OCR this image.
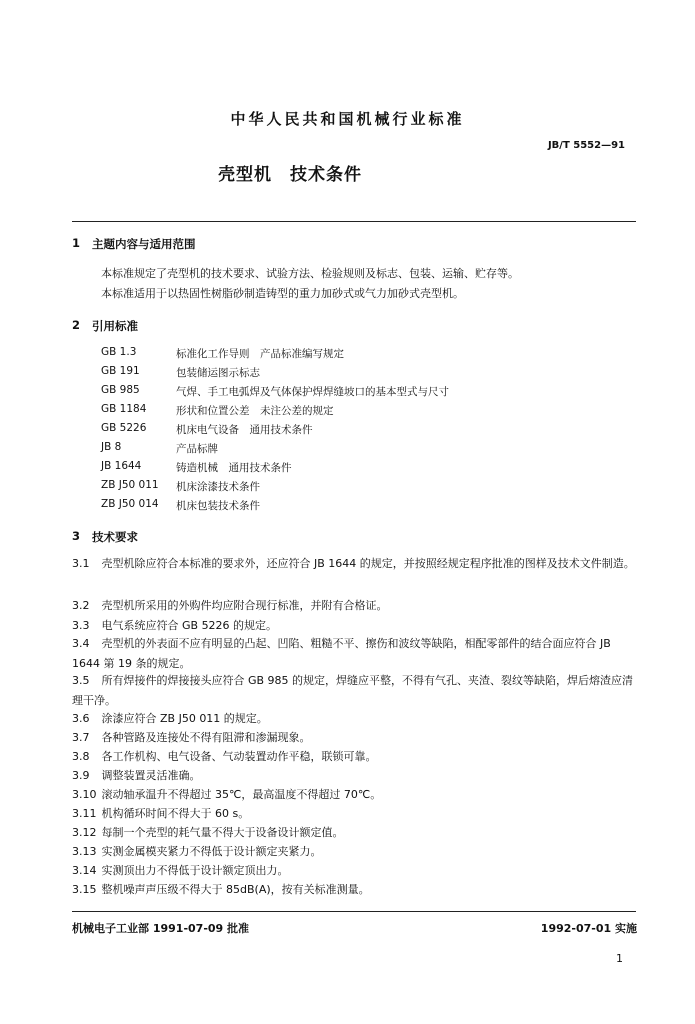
中华人民共和国机械行业标准
JB/T 5552—91
壳型机　技术条件
1 主题内容与适用范围
本标准规定了壳型机的技术要求、试验方法、检验规则及标志、包装、运输、贮存等。
本标准适用于以热固性树脂砂制造铸型的重力加砂式或气力加砂式壳型机。
2 引用标准
GB 1.3	标准化工作导则　产品标准编写规定
GB 191	包装储运图示标志
GB 985	气焊、手工电弧焊及气体保护焊焊缝坡口的基本型式与尺寸
GB 1184	形状和位置公差　未注公差的规定
GB 5226	机床电气设备　通用技术条件
JB 8	产品标牌
JB 1644	铸造机械　通用技术条件
ZB J50 011 机床涂漆技术条件
ZB J50 014 机床包装技术条件
3 技术要求
3.1 壳型机除应符合本标准的要求外，还应符合 JB 1644 的规定，并按照经规定程序批准的图样及技术文件制造。
3.2 壳型机所采用的外购件均应附合现行标准，并附有合格证。
3.3 电气系统应符合 GB 5226 的规定。
3.4 壳型机的外表面不应有明显的凸起、凹陷、粗糙不平、擦伤和波纹等缺陷，相配零部件的结合面应符合 JB 1644 第 19 条的规定。
3.5 所有焊接件的焊接接头应符合 GB 985 的规定，焊缝应平整，不得有气孔、夹渣、裂纹等缺陷，焊后熔渣应清理干净。
3.6 涂漆应符合 ZB J50 011 的规定。
3.7 各种管路及连接处不得有阻滞和渗漏现象。
3.8 各工作机构、电气设备、气动装置动作平稳，联锁可靠。
3.9 调整装置灵活准确。
3.10 滚动轴承温升不得超过 35℃，最高温度不得超过 70℃。
3.11 机构循环时间不得大于 60 s。
3.12 每制一个壳型的耗气量不得大于设备设计额定值。
3.13 实测金属模夹紧力不得低于设计额定夹紧力。
3.14 实测顶出力不得低于设计额定顶出力。
3.15 整机噪声声压级不得大于 85dB(A)，按有关标准测量。
机械电子工业部 1991-07-09 批准	1992-07-01 实施
1
